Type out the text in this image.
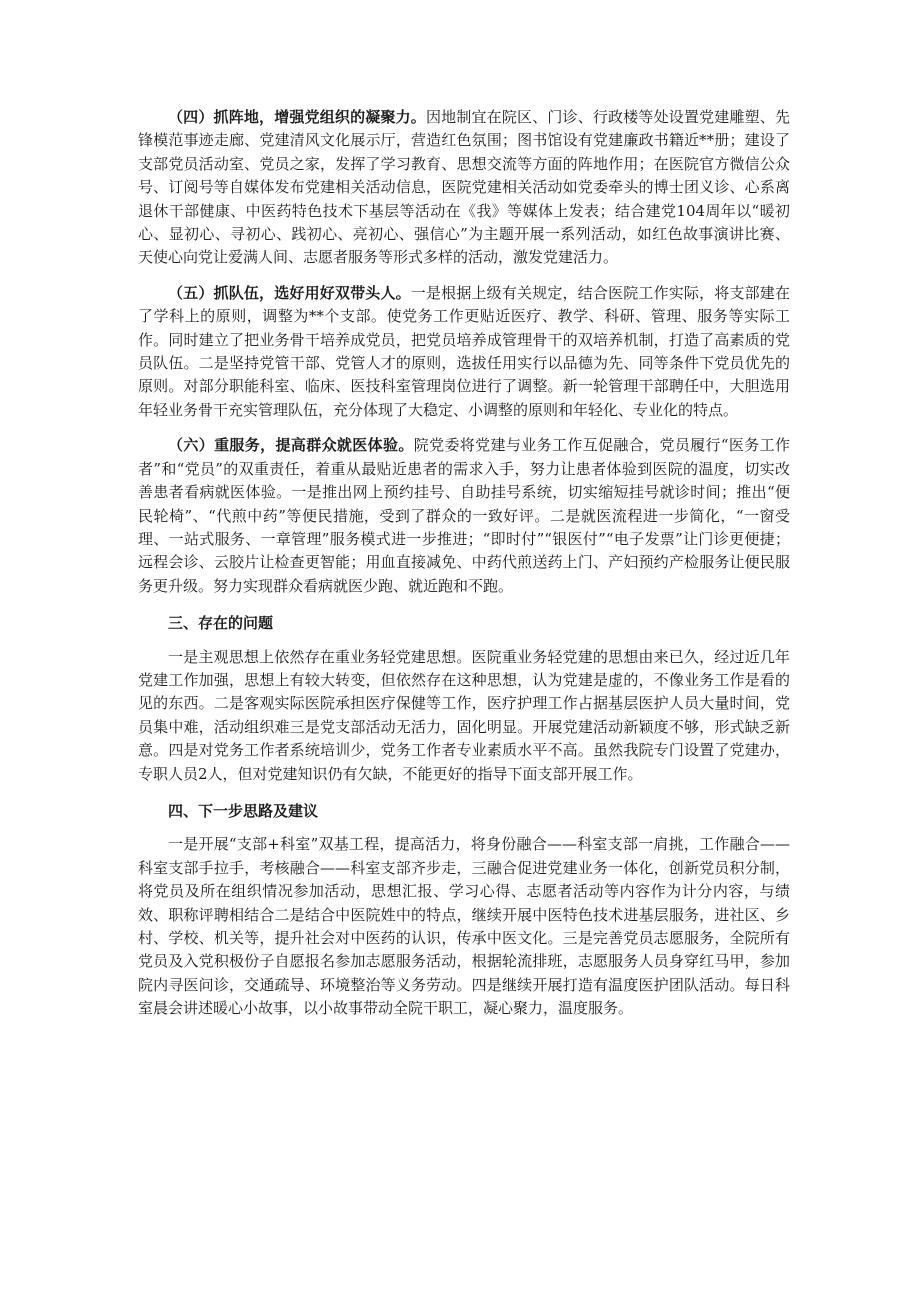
（四）抓阵地，增强党组织的凝聚力。因地制宜在院区、门诊、行政楼等处设置党建雕塑、先锋模范事迹走廊、党建清风文化展示厅，营造红色氛围；图书馆设有党建廉政书籍近**册；建设了支部党员活动室、党员之家，发挥了学习教育、思想交流等方面的阵地作用；在医院官方微信公众号、订阅号等自媒体发布党建相关活动信息，医院党建相关活动如党委牵头的博士团义诊、心系离退休干部健康、中医药特色技术下基层等活动在《我》等媒体上发表；结合建党104周年以“暖初心、显初心、寻初心、践初心、亮初心、强信心”为主题开展一系列活动，如红色故事演讲比赛、天使心向党让爱满人间、志愿者服务等形式多样的活动，激发党建活力。

（五）抓队伍，选好用好双带头人。一是根据上级有关规定，结合医院工作实际，将支部建在了学科上的原则，调整为**个支部。使党务工作更贴近医疗、教学、科研、管理、服务等实际工作。同时建立了把业务骨干培养成党员，把党员培养成管理骨干的双培养机制，打造了高素质的党员队伍。二是坚持党管干部、党管人才的原则，选拔任用实行以品德为先、同等条件下党员优先的原则。对部分职能科室、临床、医技科室管理岗位进行了调整。新一轮管理干部聘任中，大胆选用年轻业务骨干充实管理队伍，充分体现了大稳定、小调整的原则和年轻化、专业化的特点。

（六）重服务，提高群众就医体验。院党委将党建与业务工作互促融合，党员履行“医务工作者”和“党员”的双重责任，着重从最贴近患者的需求入手，努力让患者体验到医院的温度，切实改善患者看病就医体验。一是推出网上预约挂号、自助挂号系统，切实缩短挂号就诊时间；推出“便民轮椅”、“代煎中药”等便民措施，受到了群众的一致好评。二是就医流程进一步简化，“一窗受理、一站式服务、一章管理”服务模式进一步推进；“即时付”“银医付”“电子发票”让门诊更便捷；远程会诊、云胶片让检查更智能；用血直接减免、中药代煎送药上门、产妇预约产检服务让便民服务更升级。努力实现群众看病就医少跑、就近跑和不跑。

三、存在的问题

一是主观思想上依然存在重业务轻党建思想。医院重业务轻党建的思想由来已久，经过近几年党建工作加强，思想上有较大转变，但依然存在这种思想，认为党建是虚的，不像业务工作是看的见的东西。二是客观实际医院承担医疗保健等工作，医疗护理工作占据基层医护人员大量时间，党员集中难，活动组织难三是党支部活动无活力，固化明显。开展党建活动新颖度不够，形式缺乏新意。四是对党务工作者系统培训少，党务工作者专业素质水平不高。虽然我院专门设置了党建办，专职人员2人，但对党建知识仍有欠缺，不能更好的指导下面支部开展工作。

四、下一步思路及建议

一是开展“支部+科室”双基工程，提高活力，将身份融合——科室支部一肩挑，工作融合——科室支部手拉手，考核融合——科室支部齐步走，三融合促进党建业务一体化，创新党员积分制，将党员及所在组织情况参加活动，思想汇报、学习心得、志愿者活动等内容作为计分内容，与绩效、职称评聘相结合二是结合中医院姓中的特点，继续开展中医特色技术进基层服务，进社区、乡村、学校、机关等，提升社会对中医药的认识，传承中医文化。三是完善党员志愿服务，全院所有党员及入党积极份子自愿报名参加志愿服务活动，根据轮流排班，志愿服务人员身穿红马甲，参加院内寻医问诊，交通疏导、环境整治等义务劳动。四是继续开展打造有温度医护团队活动。每日科室晨会讲述暖心小故事，以小故事带动全院干职工，凝心聚力，温度服务。
